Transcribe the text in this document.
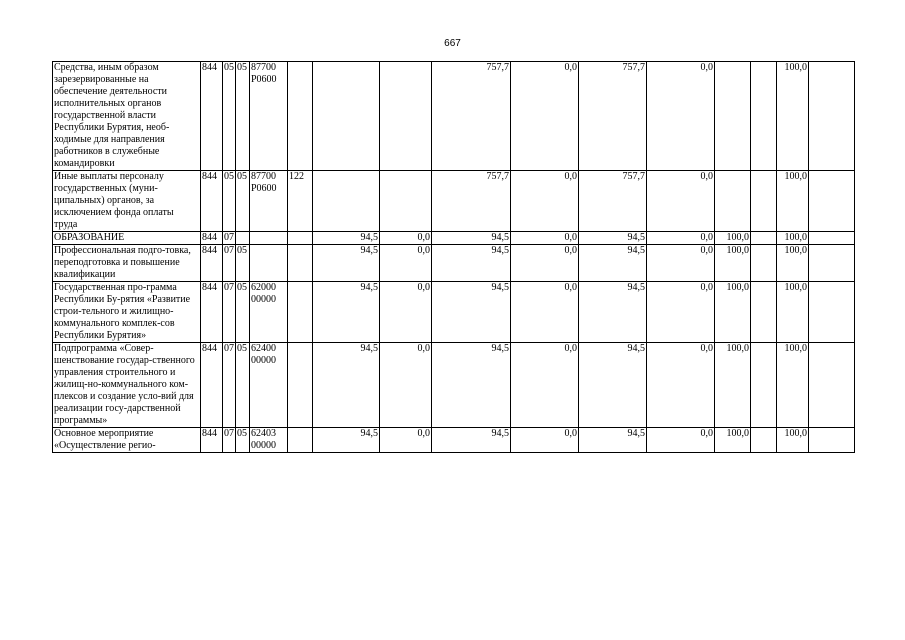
667
Средства, иным образом зарезервированные на обеспечение деятельности исполнительных органов государственной власти Республики Бурятия, необ-ходимые для направления работников в служебные командировки	844	05	05	87700 P0600				757,7	0,0	757,7	0,0			100,0	
Иные выплаты персоналу государственных (муни-ципальных) органов, за исключением фонда оплаты труда	844	05	05	87700 P0600	122			757,7	0,0	757,7	0,0			100,0	
ОБРАЗОВАНИЕ	844	07				94,5	0,0	94,5	0,0	94,5	0,0	100,0		100,0	
Профессиональная подго-товка, переподготовка и повышение квалификации	844	07	05			94,5	0,0	94,5	0,0	94,5	0,0	100,0		100,0	
Государственная про-грамма Республики Бу-рятия «Развитие строи-тельного и жилищно-коммунального комплек-сов Республики Бурятия»	844	07	05	62000 00000		94,5	0,0	94,5	0,0	94,5	0,0	100,0		100,0	
Подпрограмма «Совер-шенствование государ-ственного управления строительного и жилищ-но-коммунального ком-плексов и создание усло-вий для реализации госу-дарственной программы»	844	07	05	62400 00000		94,5	0,0	94,5	0,0	94,5	0,0	100,0		100,0	
Основное мероприятие «Осуществление регио-	844	07	05	62403 00000		94,5	0,0	94,5	0,0	94,5	0,0	100,0		100,0	
